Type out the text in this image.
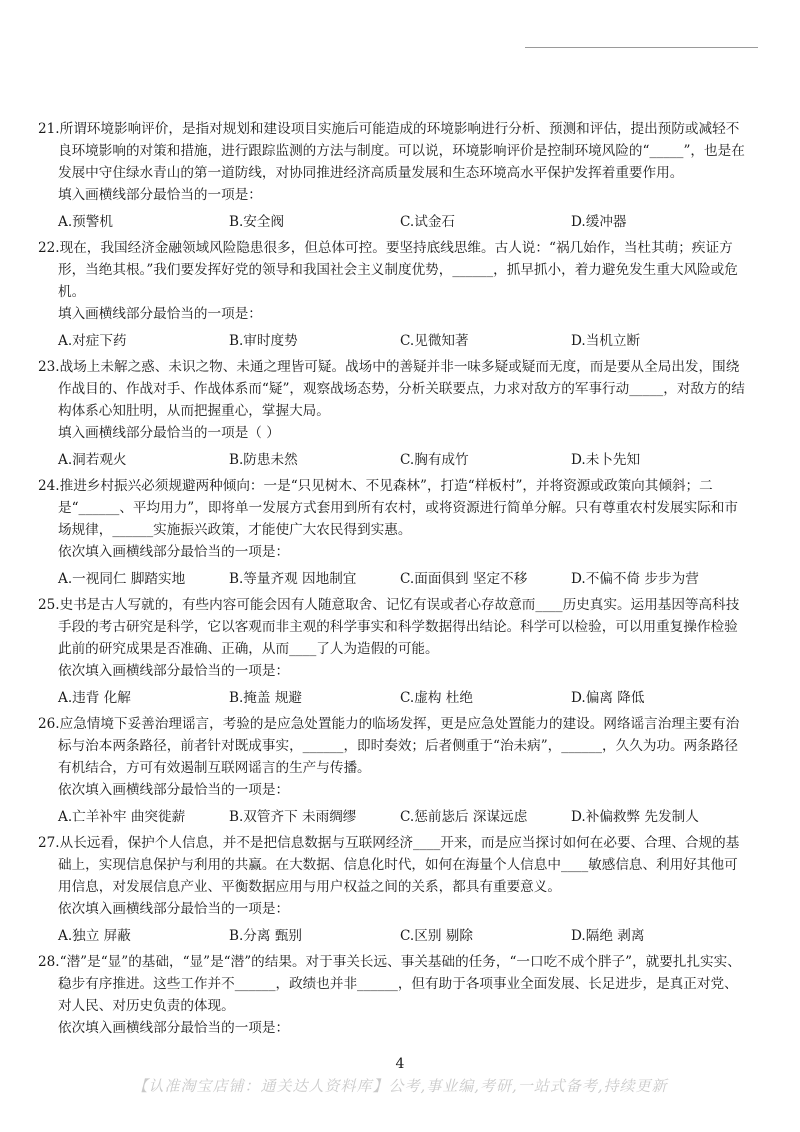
21.所谓环境影响评价，是指对规划和建设项目实施后可能造成的环境影响进行分析、预测和评估，提出预防或减轻不良环境影响的对策和措施，进行跟踪监测的方法与制度。可以说，环境影响评价是控制环境风险的“_____”，也是在发展中守住绿水青山的第一道防线，对协同推进经济高质量发展和生态环境高水平保护发挥着重要作用。

填入画横线部分最恰当的一项是：

A.预警机	B.安全阀	C.试金石	D.缓冲器

22.现在，我国经济金融领域风险隐患很多，但总体可控。要坚持底线思维。古人说：“祸几始作，当杜其萌；疾证方形，当绝其根。”我们要发挥好党的领导和我国社会主义制度优势，______，抓早抓小，着力避免发生重大风险或危机。

填入画横线部分最恰当的一项是：

A.对症下药	B.审时度势	C.见微知著	D.当机立断

23.战场上未解之惑、未识之物、未通之理皆可疑。战场中的善疑并非一味多疑或疑而无度，而是要从全局出发，围绕作战目的、作战对手、作战体系而“疑”，观察战场态势，分析关联要点，力求对敌方的军事行动_____，对敌方的结构体系心知肚明，从而把握重心，掌握大局。

填入画横线部分最恰当的一项是（ ）

A.洞若观火	B.防患未然	C.胸有成竹	D.未卜先知

24.推进乡村振兴必须规避两种倾向：一是“只见树木、不见森林”，打造“样板村”，并将资源或政策向其倾斜；二是“______、平均用力”，即将单一发展方式套用到所有农村，或将资源进行简单分解。只有尊重农村发展实际和市场规律，______实施振兴政策，才能使广大农民得到实惠。

依次填入画横线部分最恰当的一项是：

A.一视同仁 脚踏实地	B.等量齐观 因地制宜	C.面面俱到 坚定不移	D.不偏不倚 步步为营

25.史书是古人写就的，有些内容可能会因有人随意取舍、记忆有误或者心存故意而____历史真实。运用基因等高科技手段的考古研究是科学，它以客观而非主观的科学事实和科学数据得出结论。科学可以检验，可以用重复操作检验此前的研究成果是否准确、正确，从而____了人为造假的可能。

依次填入画横线部分最恰当的一项是：

A.违背 化解	B.掩盖 规避	C.虚构 杜绝	D.偏离 降低

26.应急情境下妥善治理谣言，考验的是应急处置能力的临场发挥，更是应急处置能力的建设。网络谣言治理主要有治标与治本两条路径，前者针对既成事实，______，即时奏效；后者侧重于“治未病”，______，久久为功。两条路径有机结合，方可有效遏制互联网谣言的生产与传播。

依次填入画横线部分最恰当的一项是：

A.亡羊补牢 曲突徙薪	B.双管齐下 未雨绸缪	C.惩前毖后 深谋远虑	D.补偏救弊 先发制人

27.从长远看，保护个人信息，并不是把信息数据与互联网经济____开来，而是应当探讨如何在必要、合理、合规的基础上，实现信息保护与利用的共赢。在大数据、信息化时代，如何在海量个人信息中____敏感信息、利用好其他可用信息，对发展信息产业、平衡数据应用与用户权益之间的关系，都具有重要意义。

依次填入画横线部分最恰当的一项是：

A.独立 屏蔽	B.分离 甄别	C.区别 剔除	D.隔绝 剥离

28.“潜”是“显”的基础，“显”是“潜”的结果。对于事关长远、事关基础的任务，“一口吃不成个胖子”，就要扎扎实实、稳步有序推进。这些工作并不______，政绩也并非______，但有助于各项事业全面发展、长足进步，是真正对党、对人民、对历史负责的体现。

依次填入画横线部分最恰当的一项是：

4
【认准淘宝店铺：通关达人资料库】公考,事业编,考研,一站式备考,持续更新
